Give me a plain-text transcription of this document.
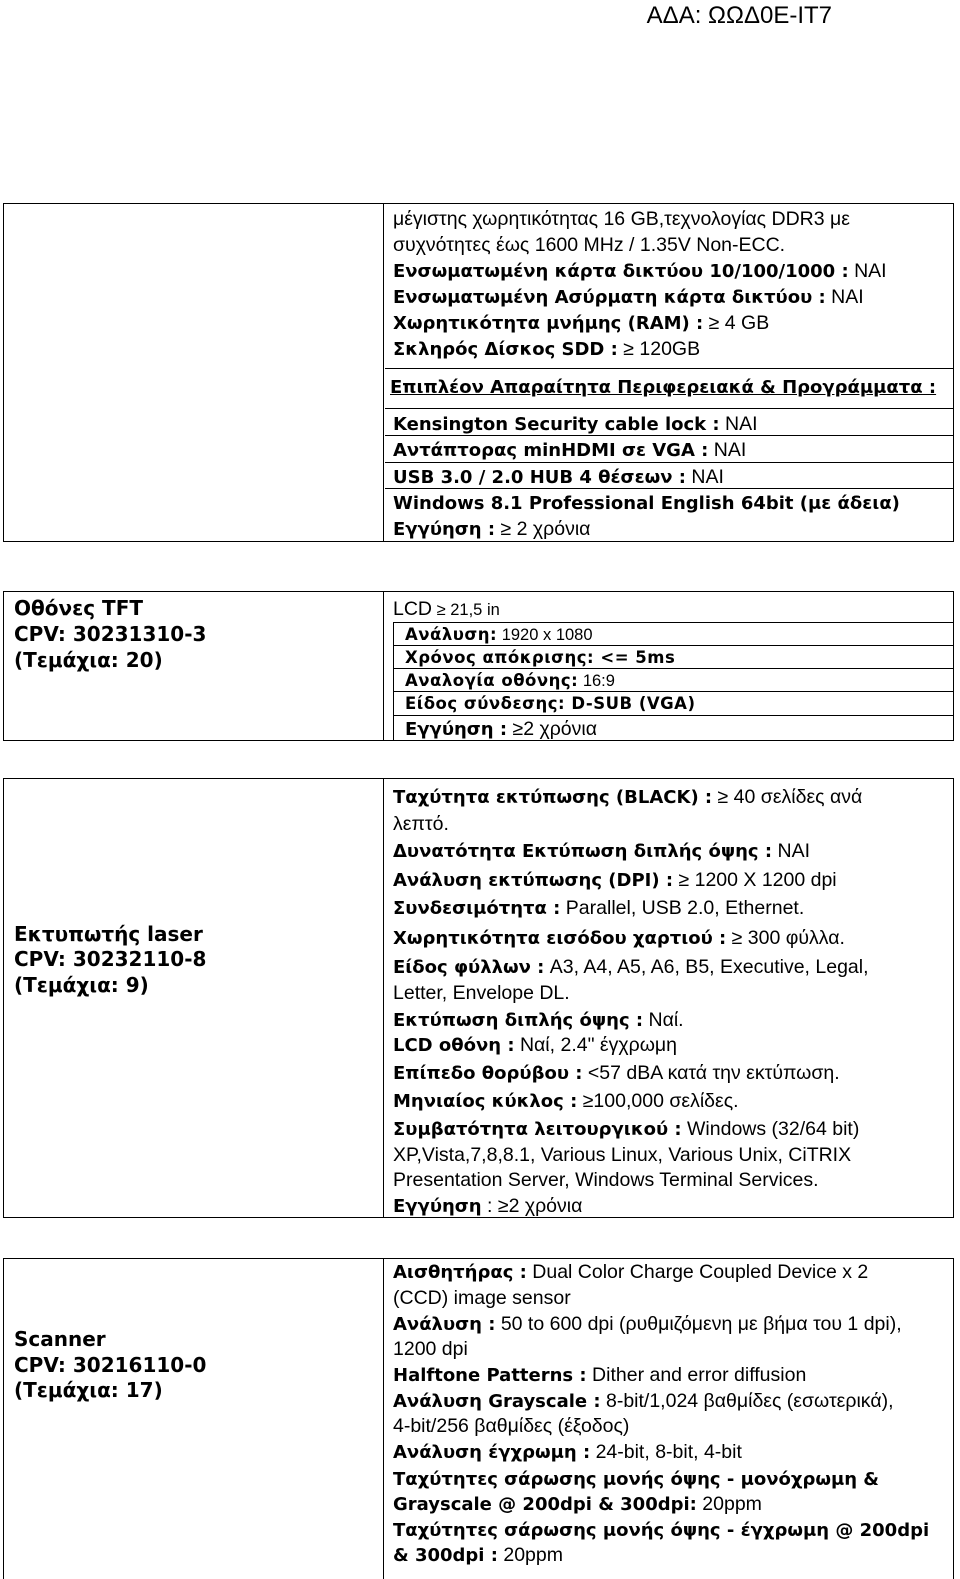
ΑΔΑ: ΩΩΔ0Ε-ΙΤ7
μέγιστης χωρητικότητας 16 GB,τεχνολογίας DDR3 με
συχνότητες έως 1600 MHz / 1.35V Non-ECC.
Ενσωματωμένη κάρτα δικτύου 10/100/1000 : ΝΑΙ
Ενσωματωμένη Ασύρματη κάρτα δικτύου : ΝΑΙ
Χωρητικότητα μνήμης (RAM) : ≥ 4 GB
Σκληρός Δίσκος SDD : ≥ 120GB
Επιπλέον Απαραίτητα Περιφερειακά & Προγράμματα :
Kensington Security cable lock : ΝΑΙ
Αντάπτορας minHDMI σε VGA : ΝΑΙ
USB 3.0 / 2.0 HUB 4 θέσεων : ΝΑΙ
Windows 8.1 Professional English 64bit (με άδεια)
Εγγύηση : ≥ 2 χρόνια
Οθόνες TFT
CPV: 30231310-3
(Τεμάχια: 20)
LCD ≥ 21,5 in
Ανάλυση: 1920 x 1080
Χρόνος απόκρισης: <= 5ms
Αναλογία οθόνης: 16:9
Είδος σύνδεσης: D-SUB (VGA)
Εγγύηση : ≥2 χρόνια
Εκτυπωτής laser
CPV: 30232110-8
(Τεμάχια: 9)
Ταχύτητα εκτύπωσης (BLACK) : ≥ 40 σελίδες ανά
λεπτό.
Δυνατότητα Εκτύπωση διπλής όψης : ΝΑΙ
Ανάλυση εκτύπωσης (DPI) : ≥ 1200 X 1200 dpi
Συνδεσιμότητα : Parallel, USB 2.0, Ethernet.
Χωρητικότητα εισόδου χαρτιού : ≥ 300 φύλλα.
Είδος φύλλων : A3, A4, A5, A6, B5, Executive, Legal,
Letter, Envelope DL.
Εκτύπωση διπλής όψης : Ναί.
LCD οθόνη : Ναί, 2.4" έγχρωμη
Επίπεδο θορύβου : <57 dBA κατά την εκτύπωση.
Μηνιαίος κύκλος : ≥100,000 σελίδες.
Συμβατότητα λειτουργικού : Windows (32/64 bit)
XP,Vista,7,8,8.1, Various Linux, Various Unix, CiTRIX
Presentation Server, Windows Terminal Services.
Εγγύηση : ≥2 χρόνια
Scanner
CPV: 30216110-0
(Τεμάχια: 17)
Αισθητήρας : Dual Color Charge Coupled Device x 2
(CCD) image sensor
Ανάλυση : 50 to 600 dpi (ρυθμιζόμενη με βήμα του 1 dpi),
1200 dpi
Halftone Patterns : Dither and error diffusion
Ανάλυση Grayscale : 8-bit/1,024 βαθμίδες (εσωτερικά),
4-bit/256 βαθμίδες (έξοδος)
Ανάλυση έγχρωμη : 24-bit, 8-bit, 4-bit
Ταχύτητες σάρωσης μονής όψης - μονόχρωμη &
Grayscale @ 200dpi & 300dpi: 20ppm
Ταχύτητες σάρωσης μονής όψης - έγχρωμη @ 200dpi
& 300dpi : 20ppm
